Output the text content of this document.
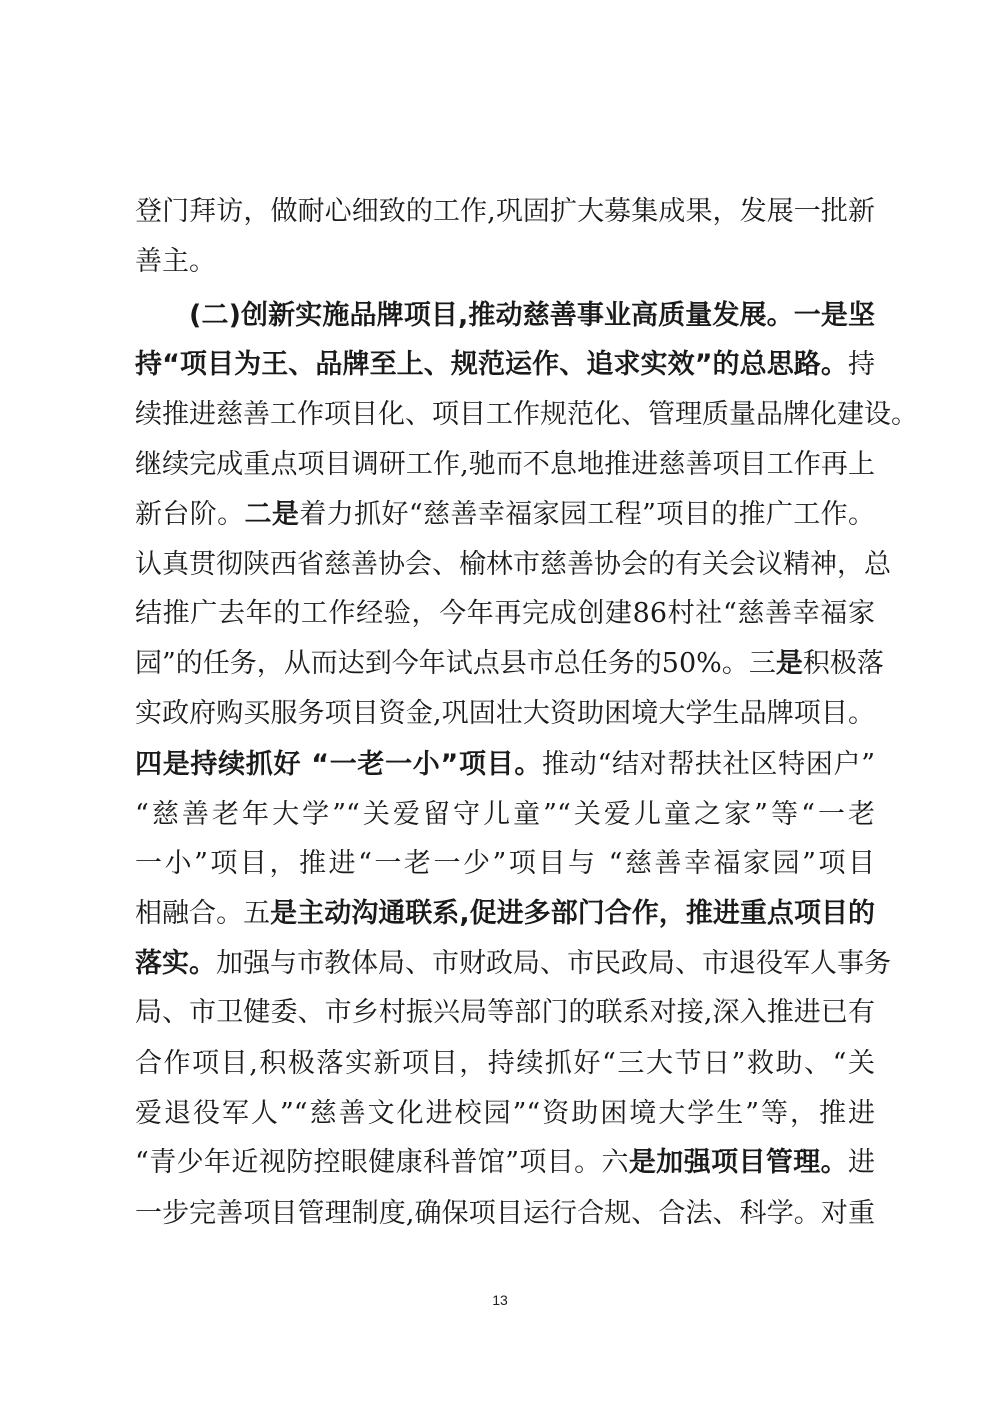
登门拜访，做耐心细致的工作,巩固扩大募集成果，发展一批新
善主。
(二)创新实施品牌项目,推动慈善事业高质量发展。一是坚
持“项目为王、品牌至上、规范运作、追求实效”的总思路。持
续推进慈善工作项目化、项目工作规范化、管理质量品牌化建设。
继续完成重点项目调研工作,驰而不息地推进慈善项目工作再上
新台阶。二是着力抓好“慈善幸福家园工程”项目的推广工作。
认真贯彻陕西省慈善协会、榆林市慈善协会的有关会议精神，总
结推广去年的工作经验，今年再完成创建86村社“慈善幸福家
园”的任务，从而达到今年试点县市总任务的50%。三是积极落
实政府购买服务项目资金,巩固壮大资助困境大学生品牌项目。
四是持续抓好 “一老一小”项目。推动“结对帮扶社区特困户”
“慈善老年大学”“关爱留守儿童”“关爱儿童之家”等“一老
一小”项目，推进“一老一少”项目与 “慈善幸福家园”项目
相融合。五是主动沟通联系,促进多部门合作，推进重点项目的
落实。加强与市教体局、市财政局、市民政局、市退役军人事务
局、市卫健委、市乡村振兴局等部门的联系对接,深入推进已有
合作项目,积极落实新项目，持续抓好“三大节日”救助、“关
爱退役军人”“慈善文化进校园”“资助困境大学生”等，推进
“青少年近视防控眼健康科普馆”项目。六是加强项目管理。进
一步完善项目管理制度,确保项目运行合规、合法、科学。对重
13
